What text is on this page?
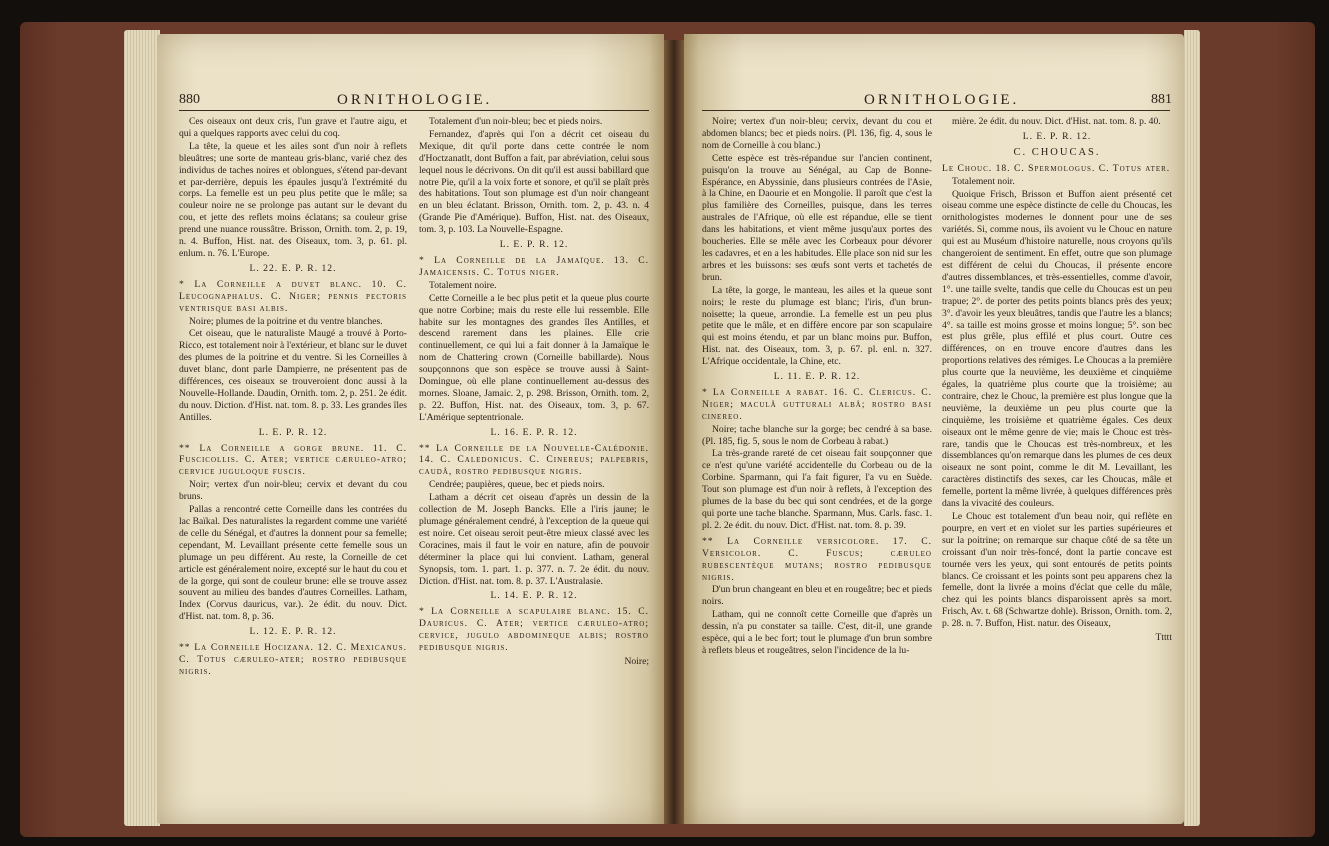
880	ORNITHOLOGIE.

Ces oiseaux ont deux cris, l'un grave et l'autre aigu, et qui a quelques rapports avec celui du coq.

La tête, la queue et les ailes sont d'un noir à reflets bleuâtres; une sorte de manteau gris-blanc, varié chez des individus de taches noires et oblongues, s'étend par-devant et par-derrière, depuis les épaules jusqu'à l'extrémité du corps. La femelle est un peu plus petite que le mâle; sa couleur noire ne se prolonge pas autant sur le devant du cou, et jette des reflets moins éclatans; sa couleur grise prend une nuance roussâtre. Brisson, Ornith. tom. 2, p. 19, n. 4. Buffon, Hist. nat. des Oiseaux, tom. 3, p. 61. pl. enlum. n. 76. L'Europe.

L. 22. E. P. R. 12.

* La Corneille a duvet blanc. 10. C. Leucognaphalus. C. Niger; pennis pectoris ventrisque basi albis.

Noire; plumes de la poitrine et du ventre blanches.

Cet oiseau, que le naturaliste Maugé a trouvé à Porto-Ricco, est totalement noir à l'extérieur, et blanc sur le duvet des plumes de la poitrine et du ventre. Si les Corneilles à duvet blanc, dont parle Dampierre, ne présentent pas de différences, ces oiseaux se trouveroient donc aussi à la Nouvelle-Hollande. Daudin, Ornith. tom. 2, p. 251. 2e édit. du nouv. Diction. d'Hist. nat. tom. 8. p. 33. Les grandes îles Antilles.

L. E. P. R. 12.

** La Corneille a gorge brune. 11. C. Fuscicollis. C. Ater; vertice cæruleo-atro; cervice juguloque fuscis.

Noir; vertex d'un noir-bleu; cervix et devant du cou bruns.

Pallas a rencontré cette Corneille dans les contrées du lac Baïkal. Des naturalistes la regardent comme une variété de celle du Sénégal, et d'autres la donnent pour sa femelle; cependant, M. Levaillant présente cette femelle sous un plumage un peu différent. Au reste, la Corneille de cet article est généralement noire, excepté sur le haut du cou et de la gorge, qui sont de couleur brune: elle se trouve assez souvent au milieu des bandes d'autres Corneilles. Latham, Index (Corvus dauricus, var.). 2e édit. du nouv. Dict. d'Hist. nat. tom. 8, p. 36.

L. 12. E. P. R. 12.

** La Corneille Hocizana. 12. C. Mexicanus. C. Totus cæruleo-ater; rostro pedibusque nigris.

Totalement d'un noir-bleu; bec et pieds noirs.

Fernandez, d'après qui l'on a décrit cet oiseau du Mexique, dit qu'il porte dans cette contrée le nom d'Hoctzanatlt, dont Buffon a fait, par abréviation, celui sous lequel nous le décrivons. On dit qu'il est aussi babillard que notre Pie, qu'il a la voix forte et sonore, et qu'il se plaît près des habitations. Tout son plumage est d'un noir changeant en un bleu éclatant. Brisson, Ornith. tom. 2, p. 43. n. 4 (Grande Pie d'Amérique). Buffon, Hist. nat. des Oiseaux, tom. 3, p. 103. La Nouvelle-Espagne.

L. E. P. R. 12.

* La Corneille de la Jamaïque. 13. C. Jamaicensis. C. Totus niger.

Totalement noire.

Cette Corneille a le bec plus petit et la queue plus courte que notre Corbine; mais du reste elle lui ressemble. Elle habite sur les montagnes des grandes îles Antilles, et descend rarement dans les plaines. Elle crie continuellement, ce qui lui a fait donner à la Jamaïque le nom de Chattering crown (Corneille babillarde). Nous soupçonnons que son espèce se trouve aussi à Saint-Domingue, où elle plane continuellement au-dessus des mornes. Sloane, Jamaic. 2, p. 298. Brisson, Ornith. tom. 2, p. 22. Buffon, Hist. nat. des Oiseaux, tom. 3, p. 67. L'Amérique septentrionale.

L. 16. E. P. R. 12.

** La Corneille de la Nouvelle-Calédonie. 14. C. Caledonicus. C. Cinereus; palpebris, caudâ, rostro pedibusque nigris.

Cendrée; paupières, queue, bec et pieds noirs.

Latham a décrit cet oiseau d'après un dessin de la collection de M. Joseph Bancks. Elle a l'iris jaune; le plumage généralement cendré, à l'exception de la queue qui est noire. Cet oiseau seroit peut-être mieux classé avec les Coracines, mais il faut le voir en nature, afin de pouvoir déterminer la place qui lui convient. Latham, general Synopsis, tom. 1. part. 1. p. 377. n. 7. 2e édit. du nouv. Diction. d'Hist. nat. tom. 8. p. 37. L'Australasie.

L. 14. E. P. R. 12.

* La Corneille a scapulaire blanc. 15. C. Dauricus. C. Ater; vertice cæruleo-atro; cervice, jugulo abdomineque albis; rostro pedibusque nigris.

Noire;

ORNITHOLOGIE.	881

Noire; vertex d'un noir-bleu; cervix, devant du cou et abdomen blancs; bec et pieds noirs. (Pl. 136, fig. 4, sous le nom de Corneille à cou blanc.)

Cette espèce est très-répandue sur l'ancien continent, puisqu'on la trouve au Sénégal, au Cap de Bonne-Espérance, en Abyssinie, dans plusieurs contrées de l'Asie, à la Chine, en Daourie et en Mongolie. Il paroît que c'est la plus familière des Corneilles, puisque, dans les terres australes de l'Afrique, où elle est répandue, elle se tient dans les habitations, et vient même jusqu'aux portes des boucheries. Elle se mêle avec les Corbeaux pour dévorer les cadavres, et en a les habitudes. Elle place son nid sur les arbres et les buissons: ses œufs sont verts et tachetés de brun.

La tête, la gorge, le manteau, les ailes et la queue sont noirs; le reste du plumage est blanc; l'iris, d'un brun-noisette; la queue, arrondie. La femelle est un peu plus petite que le mâle, et en diffère encore par son scapulaire qui est moins étendu, et par un blanc moins pur. Buffon, Hist. nat. des Oiseaux, tom. 3, p. 67. pl. enl. n. 327. L'Afrique occidentale, la Chine, etc.

L. 11. E. P. R. 12.

* La Corneille a rabat. 16. C. Clericus. C. Niger; maculâ gutturali albâ; rostro basi cinereo.

Noire; tache blanche sur la gorge; bec cendré à sa base. (Pl. 185, fig. 5, sous le nom de Corbeau à rabat.)

La très-grande rareté de cet oiseau fait soupçonner que ce n'est qu'une variété accidentelle du Corbeau ou de la Corbine. Sparmann, qui l'a fait figurer, l'a vu en Suède. Tout son plumage est d'un noir à reflets, à l'exception des plumes de la base du bec qui sont cendrées, et de la gorge qui porte une tache blanche. Sparmann, Mus. Carls. fasc. 1. pl. 2. 2e édit. du nouv. Dict. d'Hist. nat. tom. 8. p. 39.

** La Corneille versicolore. 17. C. Versicolor. C. Fuscus; cæruleo rubescentèque mutans; rostro pedibusque nigris.

D'un brun changeant en bleu et en rougeâtre; bec et pieds noirs.

Latham, qui ne connoît cette Corneille que d'après un dessin, n'a pu constater sa taille. C'est, dit-il, une grande espèce, qui a le bec fort; tout le plumage d'un brun sombre à reflets bleus et rougeâtres, selon l'incidence de la lu-

mière. 2e édit. du nouv. Dict. d'Hist. nat. tom. 8. p. 40.

L. E. P. R. 12.

C. CHOUCAS.

Le Chouc. 18. C. Spermologus. C. Totus ater.

Totalement noir.

Quoique Frisch, Brisson et Buffon aient présenté cet oiseau comme une espèce distincte de celle du Choucas, les ornithologistes modernes le donnent pour une de ses variétés. Si, comme nous, ils avoient vu le Chouc en nature qui est au Muséum d'histoire naturelle, nous croyons qu'ils changeroient de sentiment. En effet, outre que son plumage est différent de celui du Choucas, il présente encore d'autres dissemblances, et très-essentielles, comme d'avoir, 1°. une taille svelte, tandis que celle du Choucas est un peu trapue; 2°. de porter des petits points blancs près des yeux; 3°. d'avoir les yeux bleuâtres, tandis que l'autre les a blancs; 4°. sa taille est moins grosse et moins longue; 5°. son bec est plus grêle, plus effilé et plus court. Outre ces différences, on en trouve encore d'autres dans les proportions relatives des rémiges. Le Choucas a la première plus courte que la neuvième, les deuxième et cinquième égales, la quatrième plus courte que la troisième; au contraire, chez le Chouc, la première est plus longue que la neuvième, la deuxième un peu plus courte que la cinquième, les troisième et quatrième égales. Ces deux oiseaux ont le même genre de vie; mais le Chouc est très-rare, tandis que le Choucas est très-nombreux, et les dissemblances qu'on remarque dans les plumes de ces deux oiseaux ne sont point, comme le dit M. Levaillant, les caractères distinctifs des sexes, car les Choucas, mâle et femelle, portent la même livrée, à quelques différences près dans la vivacité des couleurs.

Le Chouc est totalement d'un beau noir, qui reflète en pourpre, en vert et en violet sur les parties supérieures et sur la poitrine; on remarque sur chaque côté de sa tête un croissant d'un noir très-foncé, dont la partie concave est tournée vers les yeux, qui sont entourés de petits points blancs. Ce croissant et les points sont peu apparens chez la femelle, dont la livrée a moins d'éclat que celle du mâle, chez qui les points blancs disparoissent après sa mort. Frisch, Av. t. 68 (Schwartze dohle). Brisson, Ornith. tom. 2, p. 28. n. 7. Buffon, Hist. natur. des Oiseaux,

Ttttt
